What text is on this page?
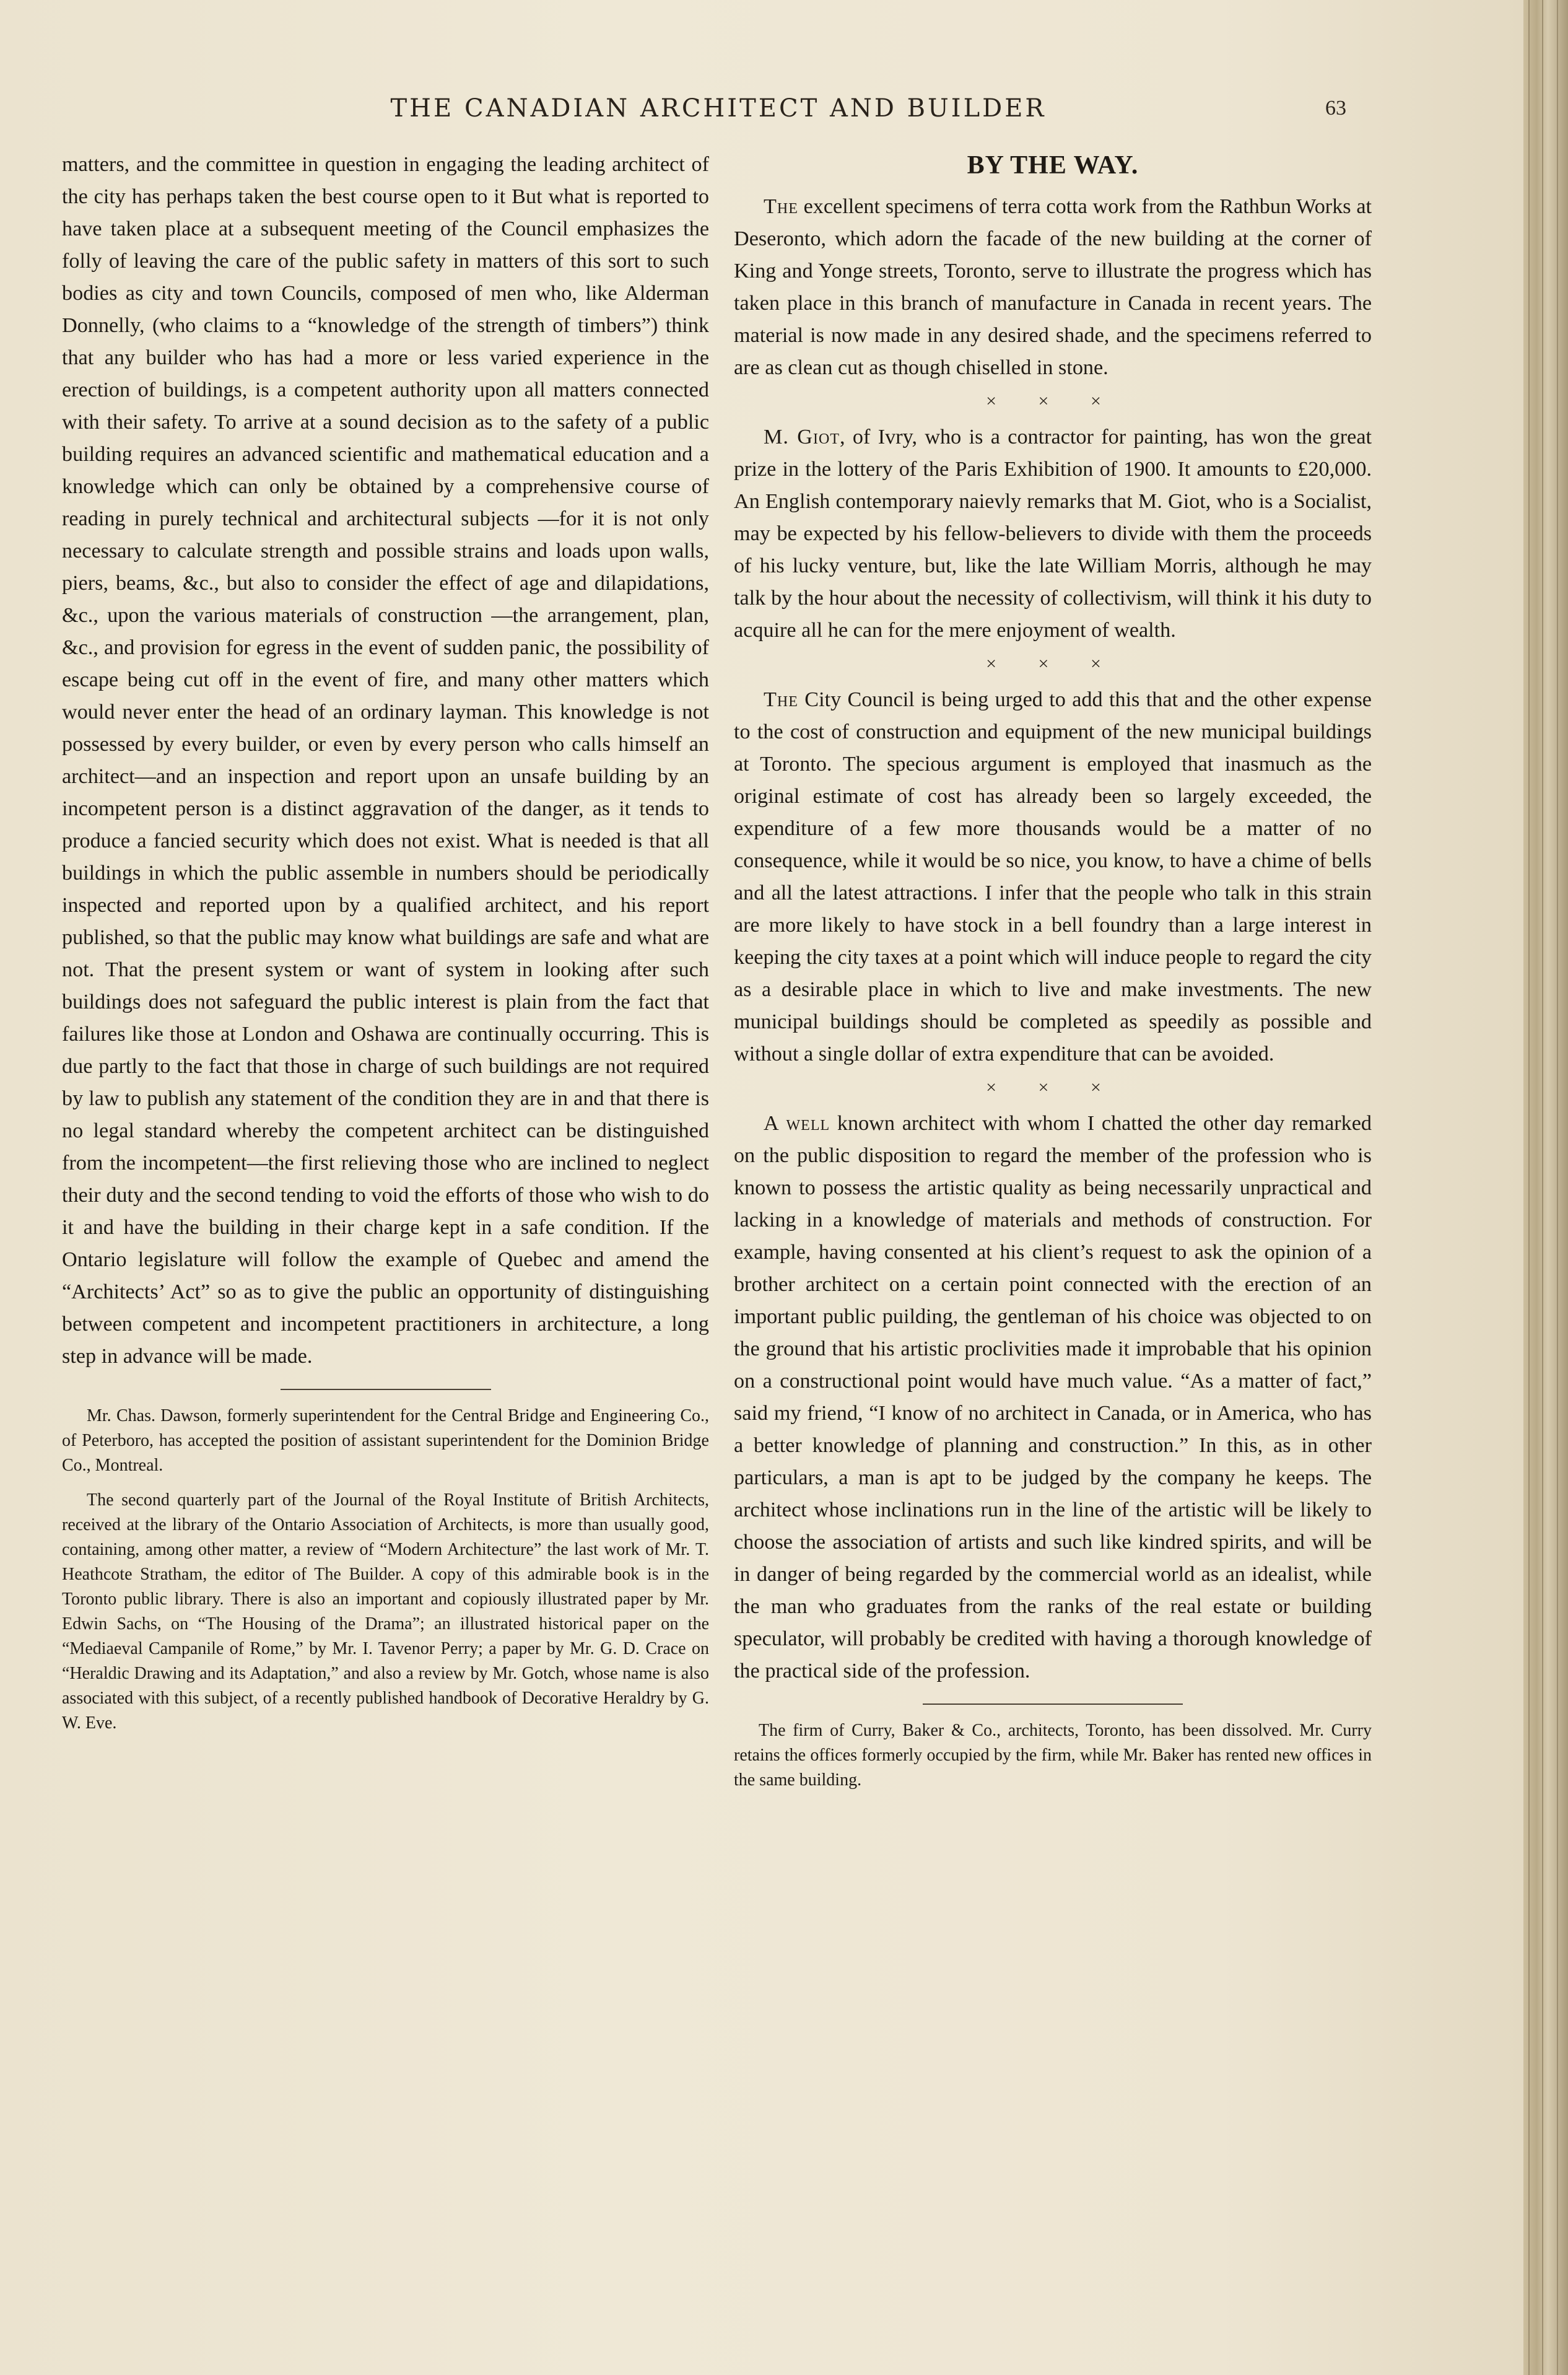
THE CANADIAN ARCHITECT AND BUILDER	63

matters, and the committee in question in engaging the leading architect of the city has perhaps taken the best course open to it But what is reported to have taken place at a subsequent meeting of the Council emphasizes the folly of leaving the care of the public safety in matters of this sort to such bodies as city and town Councils, composed of men who, like Alderman Donnelly, (who claims to a “knowledge of the strength of timbers”) think that any builder who has had a more or less varied experience in the erection of buildings, is a competent authority upon all matters connected with their safety. To arrive at a sound decision as to the safety of a public building requires an advanced scientific and mathematical education and a knowledge which can only be obtained by a comprehensive course of reading in purely technical and architectural subjects —for it is not only necessary to calculate strength and possible strains and loads upon walls, piers, beams, &c., but also to consider the effect of age and dilapidations, &c., upon the various materials of construction —the arrangement, plan, &c., and provision for egress in the event of sudden panic, the possibility of escape being cut off in the event of fire, and many other matters which would never enter the head of an ordinary layman. This knowledge is not possessed by every builder, or even by every person who calls himself an architect—and an inspection and report upon an unsafe building by an incompetent person is a distinct aggravation of the danger, as it tends to produce a fancied security which does not exist. What is needed is that all buildings in which the public assemble in numbers should be periodically inspected and reported upon by a qualified architect, and his report published, so that the public may know what buildings are safe and what are not. That the present system or want of system in looking after such buildings does not safeguard the public interest is plain from the fact that failures like those at London and Oshawa are continually occurring. This is due partly to the fact that those in charge of such buildings are not required by law to publish any statement of the condition they are in and that there is no legal standard whereby the competent architect can be distinguished from the incompetent—the first relieving those who are inclined to neglect their duty and the second tending to void the efforts of those who wish to do it and have the building in their charge kept in a safe condition. If the Ontario legislature will follow the example of Quebec and amend the “Architects’ Act” so as to give the public an opportunity of distinguishing between competent and incompetent practitioners in architecture, a long step in advance will be made.

Mr. Chas. Dawson, formerly superintendent for the Central Bridge and Engineering Co., of Peterboro, has accepted the position of assistant superintendent for the Dominion Bridge Co., Montreal.

The second quarterly part of the Journal of the Royal Institute of British Architects, received at the library of the Ontario Association of Architects, is more than usually good, containing, among other matter, a review of “Modern Architecture” the last work of Mr. T. Heathcote Stratham, the editor of The Builder. A copy of this admirable book is in the Toronto public library. There is also an important and copiously illustrated paper by Mr. Edwin Sachs, on “The Housing of the Drama”; an illustrated historical paper on the “Mediaeval Campanile of Rome,” by Mr. I. Tavenor Perry; a paper by Mr. G. D. Crace on “Heraldic Drawing and its Adaptation,” and also a review by Mr. Gotch, whose name is also associated with this subject, of a recently published handbook of Decorative Heraldry by G. W. Eve.

BY THE WAY.

The excellent specimens of terra cotta work from the Rathbun Works at Deseronto, which adorn the facade of the new building at the corner of King and Yonge streets, Toronto, serve to illustrate the progress which has taken place in this branch of manufacture in Canada in recent years. The material is now made in any desired shade, and the specimens referred to are as clean cut as though chiselled in stone.

× × ×

M. Giot, of Ivry, who is a contractor for painting, has won the great prize in the lottery of the Paris Exhibition of 1900. It amounts to £20,000. An English contemporary naievly remarks that M. Giot, who is a Socialist, may be expected by his fellow-believers to divide with them the proceeds of his lucky venture, but, like the late William Morris, although he may talk by the hour about the necessity of collectivism, will think it his duty to acquire all he can for the mere enjoyment of wealth.

× × ×

The City Council is being urged to add this that and the other expense to the cost of construction and equipment of the new municipal buildings at Toronto. The specious argument is employed that inasmuch as the original estimate of cost has already been so largely exceeded, the expenditure of a few more thousands would be a matter of no consequence, while it would be so nice, you know, to have a chime of bells and all the latest attractions. I infer that the people who talk in this strain are more likely to have stock in a bell foundry than a large interest in keeping the city taxes at a point which will induce people to regard the city as a desirable place in which to live and make investments. The new municipal buildings should be completed as speedily as possible and without a single dollar of extra expenditure that can be avoided.

× × ×

A well known architect with whom I chatted the other day remarked on the public disposition to regard the member of the profession who is known to possess the artistic quality as being necessarily unpractical and lacking in a knowledge of materials and methods of construction. For example, having consented at his client’s request to ask the opinion of a brother architect on a certain point connected with the erection of an important public puilding, the gentleman of his choice was objected to on the ground that his artistic proclivities made it improbable that his opinion on a constructional point would have much value. “As a matter of fact,” said my friend, “I know of no architect in Canada, or in America, who has a better knowledge of planning and construction.” In this, as in other particulars, a man is apt to be judged by the company he keeps. The architect whose inclinations run in the line of the artistic will be likely to choose the association of artists and such like kindred spirits, and will be in danger of being regarded by the commercial world as an idealist, while the man who graduates from the ranks of the real estate or building speculator, will probably be credited with having a thorough knowledge of the practical side of the profession.

The firm of Curry, Baker & Co., architects, Toronto, has been dissolved. Mr. Curry retains the offices formerly occupied by the firm, while Mr. Baker has rented new offices in the same building.
